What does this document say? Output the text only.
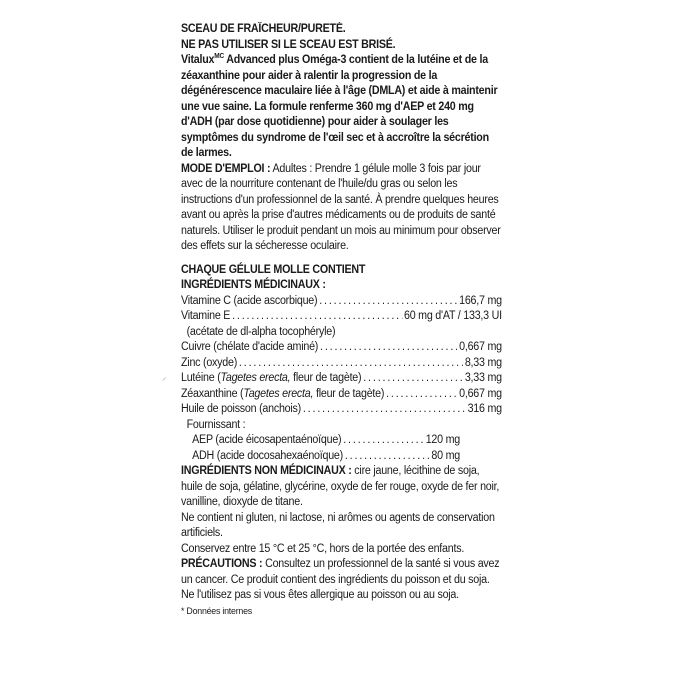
⸝

SCEAU DE FRAÎCHEUR/PURETÉ.

NE PAS UTILISER SI LE SCEAU EST BRISÉ.

Vitalux$^{MC}$ Advanced plus Oméga-3 contient de la lutéine et de la zéaxanthine pour aider à ralentir la progression de la dégénérescence maculaire liée à l'âge (DMLA) et aide à maintenir une vue saine. La formule renferme 360 mg d'AEP et 240 mg d'ADH (par dose quotidienne) pour aider à soulager les symptômes du syndrome de l'œil sec et à accroître la sécrétion de larmes.

MODE D'EMPLOI : Adultes : Prendre 1 gélule molle 3 fois par jour avec de la nourriture contenant de l'huile/du gras ou selon les instructions d'un professionnel de la santé. À prendre quelques heures avant ou après la prise d'autres médicaments ou de produits de santé naturels. Utiliser le produit pendant un mois au minimum pour observer des effets sur la sécheresse oculaire.

CHAQUE GÉLULE MOLLE CONTIENT

INGRÉDIENTS MÉDICINAUX :

Vitamine C (acide ascorbique) . . .	166,7 mg
Vitamine E . . .	60 mg d'AT / 133,3 UI

(acétate de dl-alpha tocophéryle)

Cuivre (chélate d'acide aminé) . . .	0,667 mg
Zinc (oxyde) . . .	8,33 mg
Lutéine (Tagetes erecta, fleur de tagète) . . .	3,33 mg
Zéaxanthine (Tagetes erecta, fleur de tagète) . . .	0,667 mg
Huile de poisson (anchois) . . .	316 mg

Fournissant :

AEP (acide éicosapentaénoïque) . . .	120 mg
ADH (acide docosahexaénoïque) . . .	80 mg

INGRÉDIENTS NON MÉDICINAUX : cire jaune, lécithine de soja, huile de soja, gélatine, glycérine, oxyde de fer rouge, oxyde de fer noir, vanilline, dioxyde de titane.

Ne contient ni gluten, ni lactose, ni arômes ou agents de conservation artificiels.

Conservez entre 15 °C et 25 °C, hors de la portée des enfants.

PRÉCAUTIONS : Consultez un professionnel de la santé si vous avez un cancer. Ce produit contient des ingrédients du poisson et du soja. Ne l'utilisez pas si vous êtes allergique au poisson ou au soja.

* Données internes
